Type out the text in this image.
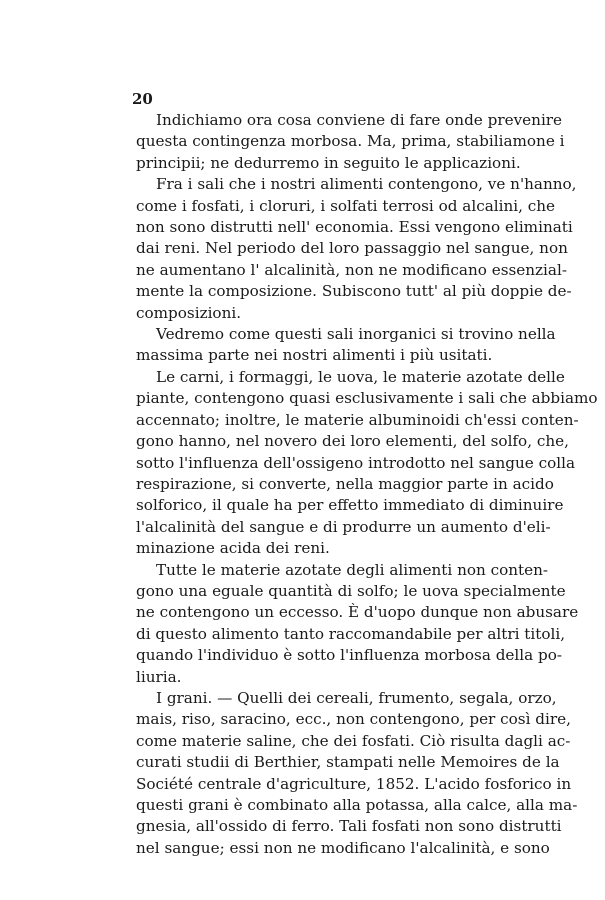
20
Indichiamo ora cosa conviene di fare onde prevenire
questa contingenza morbosa. Ma, prima, stabiliamone i
principii; ne dedurremo in seguito le applicazioni.
Fra i sali che i nostri alimenti contengono, ve n'hanno,
come i fosfati, i cloruri, i solfati terrosi od alcalini, che
non sono distrutti nell' economia. Essi vengono eliminati
dai reni. Nel periodo del loro passaggio nel sangue, non
ne aumentano l' alcalinità, non ne modificano essenzial-
mente la composizione. Subiscono tutt' al più doppie de-
composizioni.
Vedremo come questi sali inorganici si trovino nella
massima parte nei nostri alimenti i più usitati.
Le carni, i formaggi, le uova, le materie azotate delle
piante, contengono quasi esclusivamente i sali che abbiamo
accennato; inoltre, le materie albuminoidi ch'essi conten-
gono hanno, nel novero dei loro elementi, del solfo, che,
sotto l'influenza dell'ossigeno introdotto nel sangue colla
respirazione, si converte, nella maggior parte in acido
solforico, il quale ha per effetto immediato di diminuire
l'alcalinità del sangue e di produrre un aumento d'eli-
minazione acida dei reni.
Tutte le materie azotate degli alimenti non conten-
gono una eguale quantità di solfo; le uova specialmente
ne contengono un eccesso. È d'uopo dunque non abusare
di questo alimento tanto raccomandabile per altri titoli,
quando l'individuo è sotto l'influenza morbosa della po-
liuria.
I grani. — Quelli dei cereali, frumento, segala, orzo,
mais, riso, saracino, ecc., non contengono, per così dire,
come materie saline, che dei fosfati. Ciò risulta dagli ac-
curati studii di Berthier, stampati nelle Memoires de la
Société centrale d'agriculture, 1852. L'acido fosforico in
questi grani è combinato alla potassa, alla calce, alla ma-
gnesia, all'ossido di ferro. Tali fosfati non sono distrutti
nel sangue; essi non ne modificano l'alcalinità, e sono
